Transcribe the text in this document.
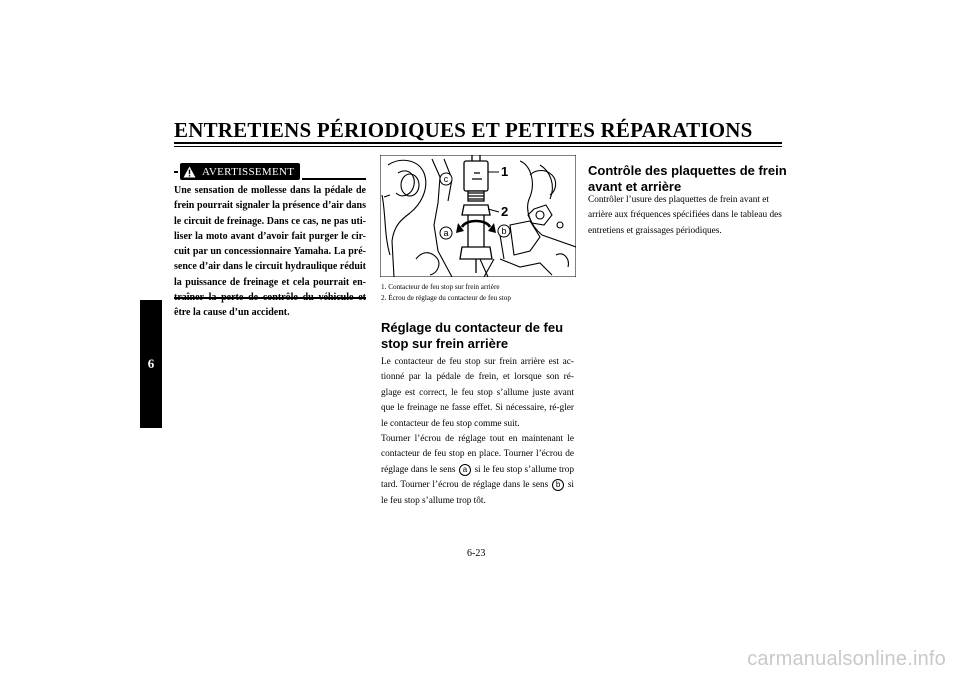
ENTRETIENS PÉRIODIQUES ET PETITES RÉPARATIONS
6
AVERTISSEMENT
Une sensation de mollesse dans la pédale de frein pourrait signaler la présence d’air dans le circuit de freinage. Dans ce cas, ne pas uti-liser la moto avant d’avoir fait purger le cir-cuit par un concessionnaire Yamaha. La pré-sence d’air dans le circuit hydraulique réduit la puissance de freinage et cela pourrait en- être la cause d’un accident.
1
2
a	b
c
1. Contacteur de feu stop sur frein arrière
2. Écrou de réglage du contacteur de feu stop
Réglage du contacteur de feu stop sur frein arrière
Le contacteur de feu stop sur frein arrière est ac-tionné par la pédale de frein, et lorsque son ré-glage est correct, le feu stop s’allume juste avant que le freinage ne fasse effet. Si nécessaire, ré-gler le contacteur de feu stop comme suit.
Tourner l’écrou de réglage tout en maintenant le contacteur de feu stop en place. Tourner l’écrou de réglage dans le sens a si le feu stop s’allume trop tard. Tourner l’écrou de réglage dans le sens b si le feu stop s’allume trop tôt.
Contrôle des plaquettes de frein avant et arrière
Contrôler l’usure des plaquettes de frein avant et arrière aux fréquences spécifiées dans le tableau des entretiens et graissages périodiques.
6-23
carmanualsonline.info
